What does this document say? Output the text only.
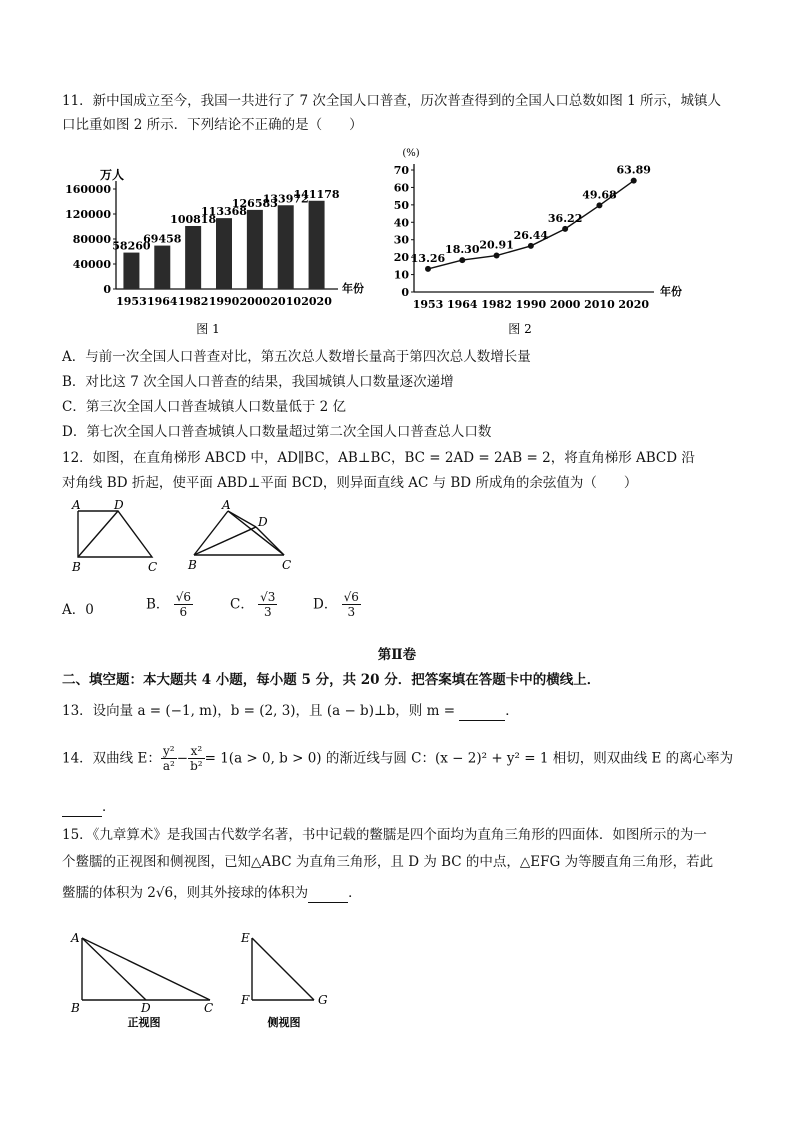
11．新中国成立至今，我国一共进行了 7 次全国人口普查，历次普查得到的全国人口总数如图 1 所示，城镇人
口比重如图 2 所示．下列结论不正确的是（　　）
万人
年份
0
40000
80000
120000
160000
58260
1953
69458
1964
100818
1982
113368
1990
126583
2000
133972
2010
141178
2020
图 1
(%)
年份
0
10
20
30
40
50
60
70
13.26
1953
18.30
1964
20.91
1982
26.44
1990
36.22
2000
49.68
2010
63.89
2020
图 2
A．与前一次全国人口普查对比，第五次总人数增长量高于第四次总人数增长量
B．对比这 7 次全国人口普查的结果，我国城镇人口数量逐次递增
C．第三次全国人口普查城镇人口数量低于 2 亿
D．第七次全国人口普查城镇人口数量超过第二次全国人口普查总人口数
12．如图，在直角梯形 ABCD 中，AD∥BC，AB⊥BC，BC = 2AD = 2AB = 2，将直角梯形 ABCD 沿
对角线 BD 折起，使平面 ABD⊥平面 BCD，则异面直线 AC 与 BD 所成角的余弦值为（　　）
A	D
B	C
A
D
B	C
A．0	B． $\frac{√6}{6}$	C． $\frac{√3}{3}$	D． $\frac{√6}{3}$
第Ⅱ卷
二、填空题：本大题共 4 小题，每小题 5 分，共 20 分．把答案填在答题卡中的横线上．
13．设向量 a = (−1, m)，b = (2, 3)，且 (a − b)⊥b，则 m =	．
14．双曲线 E： $\frac{\text{y²}}{\text{a²}} - \frac{\text{x²}}{\text{b²}} = 1(a > 0$, b > 0) 的渐近线与圆 C：(x − 2)² + y² = 1 相切，则双曲线 E 的离心率为
．
15．《九章算术》是我国古代数学名著，书中记载的鳖臑是四个面均为直角三角形的四面体．如图所示的为一
个鳖臑的正视图和侧视图，已知△ABC 为直角三角形，且 D 为 BC 的中点，△EFG 为等腰直角三角形，若此
鳖臑的体积为 2√6，则其外接球的体积为	．
A
B	D	C
正视图
E
F	G
侧视图
